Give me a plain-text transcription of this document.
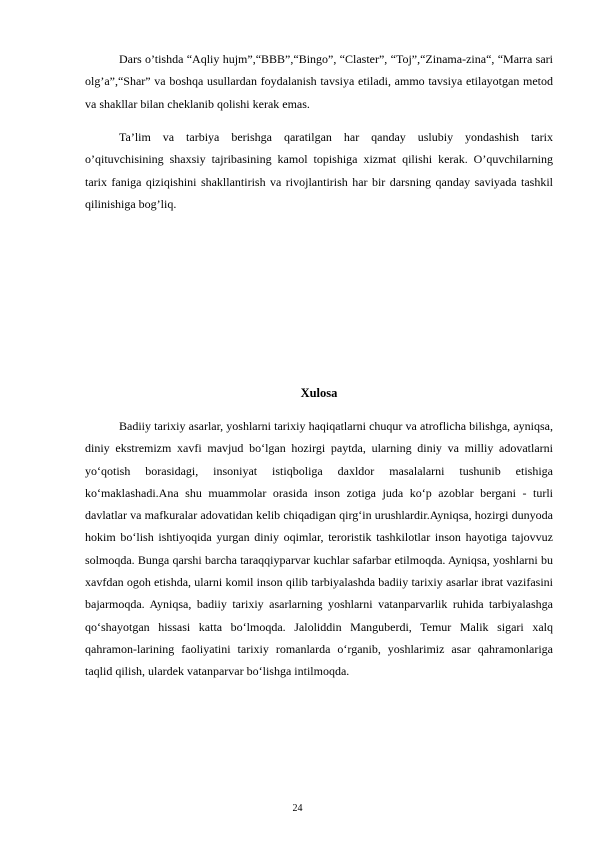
Dars o’tishda “Aqliy hujm”,“BBB”,“Bingo”, “Claster”, “Toj”,“Zinama-zina“, “Marra sari olg’a”,“Shar” va boshqa usullardan foydalanish tavsiya etiladi, ammo tavsiya etilayotgan metod va shakllar bilan cheklanib qolishi kerak emas.

Ta’lim va tarbiya berishga qaratilgan har qanday uslubiy yondashish tarix o’qituvchisining shaxsiy tajribasining kamol topishiga xizmat qilishi kerak. O’quvchilarning tarix faniga qiziqishini shakllantirish va rivojlantirish har bir darsning qanday saviyada tashkil qilinishiga bog’liq.

Xulosa

Badiiy tarixiy asarlar, yoshlarni tarixiy haqiqatlarni chuqur va atroflicha bilishga, ayniqsa, diniy ekstremizm xavfi mavjud bo‘lgan hozirgi paytda, ularning diniy va milliy adovatlarni yo‘qotish borasidagi, insoniyat istiqboliga daxldor masalalarni tushunib etishiga ko‘maklashadi.Ana shu muammolar orasida inson zotiga juda ko‘p azoblar bergani - turli davlatlar va mafkuralar adovatidan kelib chiqadigan qirg‘in urushlardir.Ayniqsa, hozirgi dunyoda hokim bo‘lish ishtiyoqida yurgan diniy oqimlar, teroristik tashkilotlar inson hayotiga tajovvuz solmoqda. Bunga qarshi barcha taraqqiyparvar kuchlar safarbar etilmoqda. Ayniqsa, yoshlarni bu xavfdan ogoh etishda, ularni komil inson qilib tarbiyalashda badiiy tarixiy asarlar ibrat vazifasini bajarmoqda. Ayniqsa, badiiy tarixiy asarlarning yoshlarni vatanparvarlik ruhida tarbiyalashga qo‘shayotgan hissasi katta bo‘lmoqda. Jaloliddin Manguberdi, Temur Malik sigari xalq qahramon-larining faoliyatini tarixiy romanlarda o‘rganib, yoshlarimiz asar qahramonlariga taqlid qilish, ulardek vatanparvar bo‘lishga intilmoqda.

24
